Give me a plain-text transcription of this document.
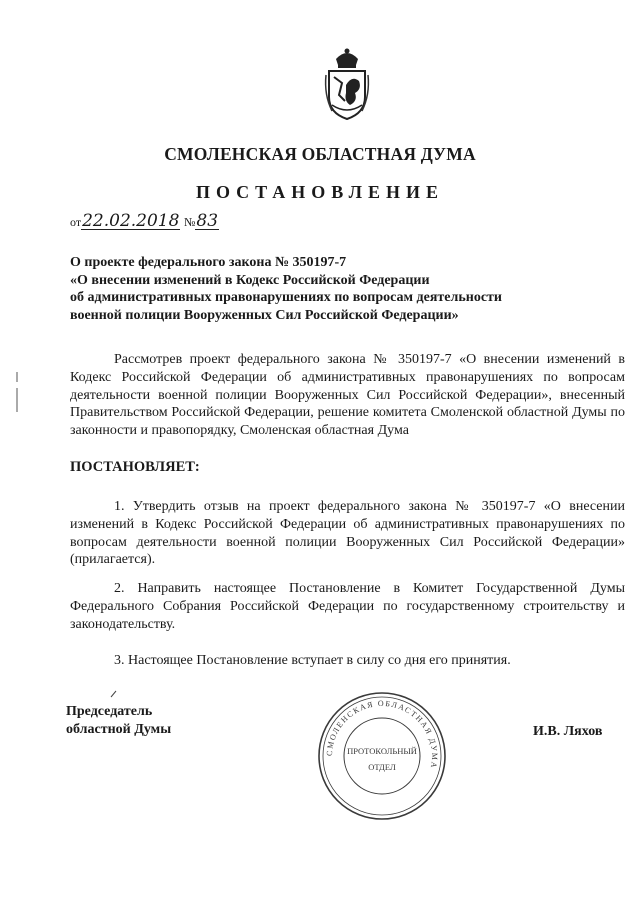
СМОЛЕНСКАЯ ОБЛАСТНАЯ ДУМА
ПОСТАНОВЛЕНИЕ
от22.02.2018 №83
О проекте федерального закона № 350197-7
«О внесении изменений в Кодекс Российской Федерации
об административных правонарушениях по вопросам деятельности
военной полиции Вооруженных Сил Российской Федерации»
Рассмотрев проект федерального закона № 350197-7 «О внесении изменений в Кодекс Российской Федерации об административных правонарушениях по вопросам деятельности военной полиции Вооруженных Сил Российской Федерации», внесенный Правительством Российской Федерации, решение комитета Смоленской областной Думы по законности и правопорядку, Смоленская областная Дума
ПОСТАНОВЛЯЕТ:
1. Утвердить отзыв на проект федерального закона № 350197-7 «О внесении изменений в Кодекс Российской Федерации об административных правонарушениях по вопросам деятельности военной полиции Вооруженных Сил Российской Федерации» (прилагается).
2. Направить настоящее Постановление в Комитет Государственной Думы Федерального Собрания Российской Федерации по государственному строительству и законодательству.
3. Настоящее Постановление вступает в силу со дня его принятия.
Председатель
областной Думы
СМОЛЕНСКАЯ ОБЛАСТНАЯ ДУМА
ПРОТОКОЛЬНЫЙ
ОТДЕЛ
И.В. Ляхов
